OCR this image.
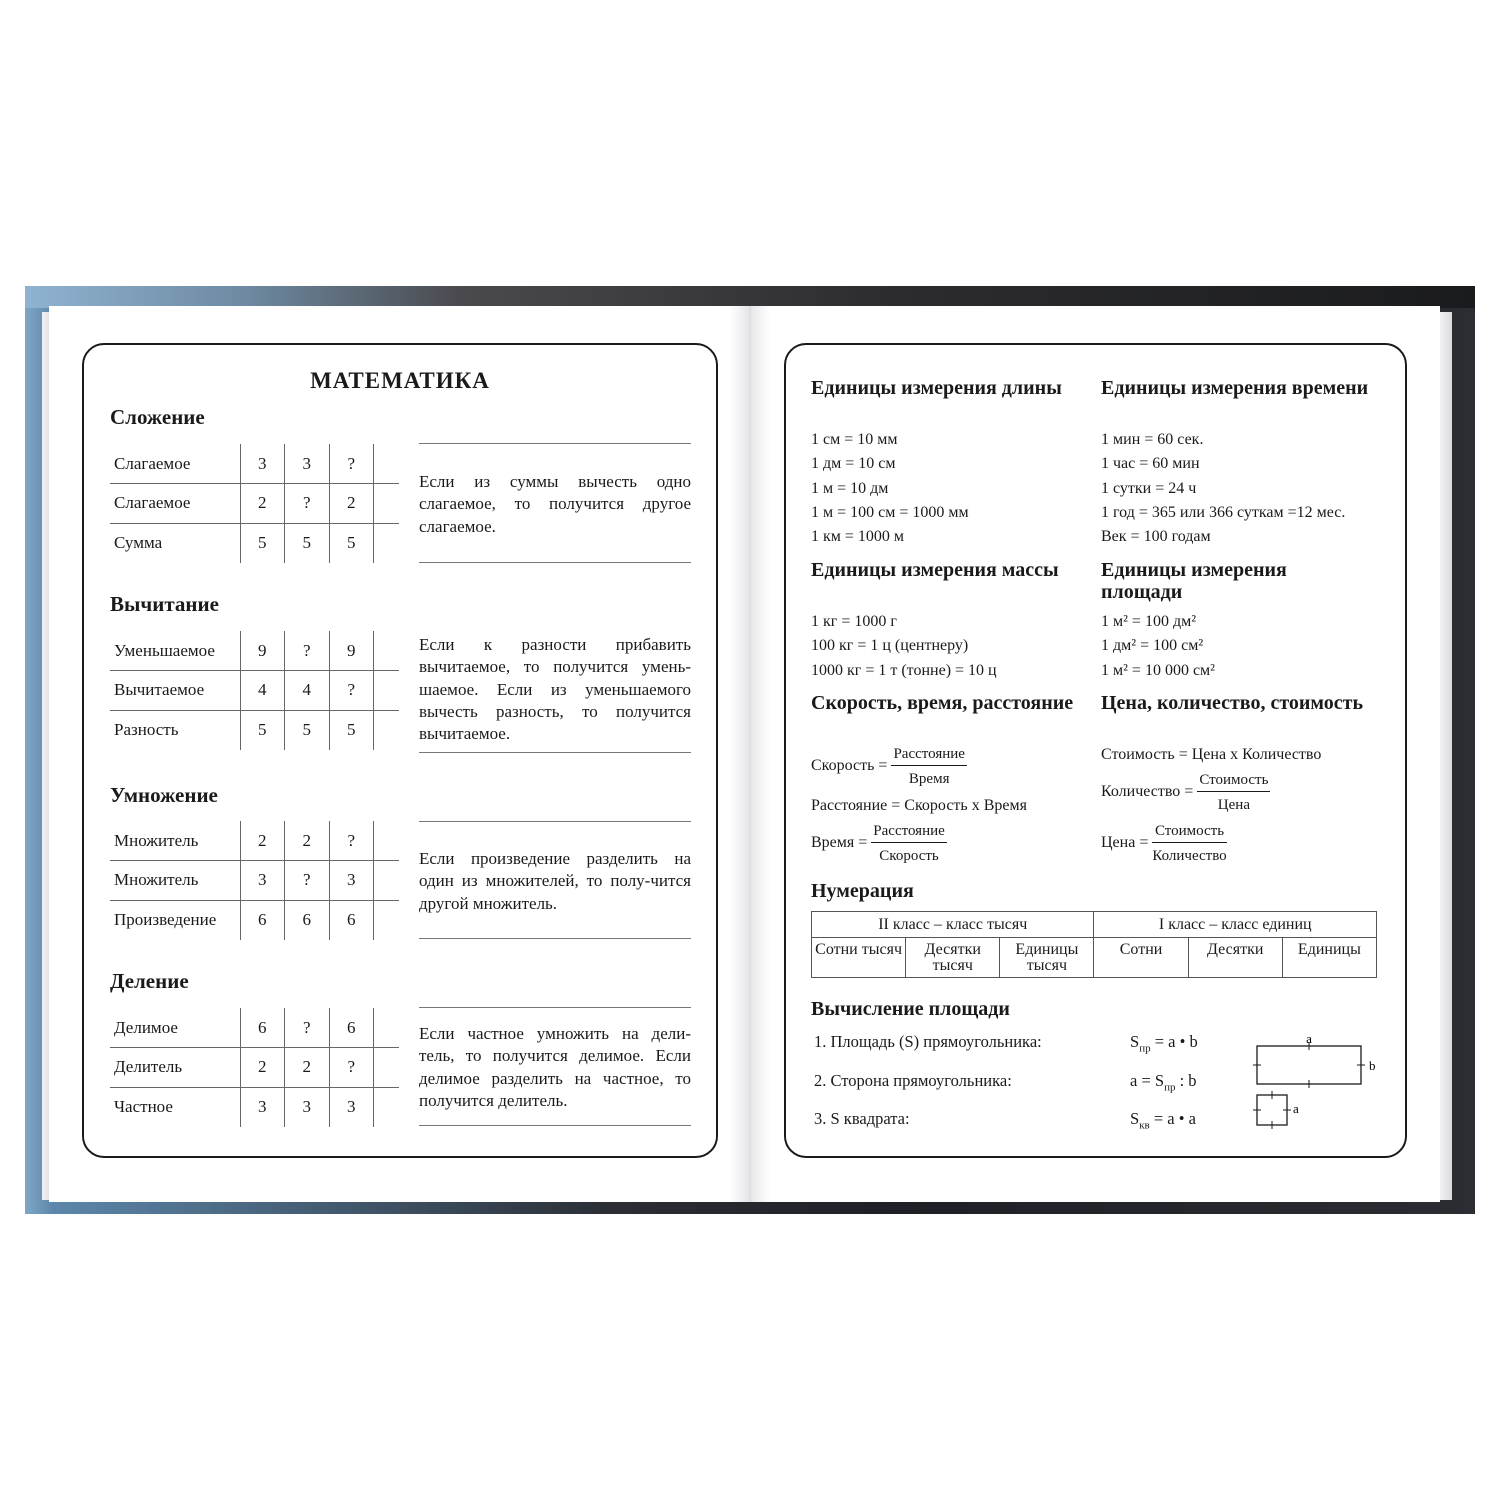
МАТЕМАТИКА
Сложение
Слагаемое	3	3	?	
Слагаемое	2	?	2	
Сумма	5	5	5	
Если из суммы вычесть одно слагаемое, то получится другое слагаемое.
Вычитание
Уменьшаемое	9	?	9	
Вычитаемое	4	4	?	
Разность	5	5	5	
Если к разности прибавить вычитаемое, то получится умень-шаемое. Если из уменьшаемого вычесть разность, то получится вычитаемое.
Умножение
Множитель	2	2	?	
Множитель	3	?	3	
Произведение	6	6	6	
Если произведение разделить на один из множителей, то полу-чится другой множитель.
Деление
Делимое	6	?	6	
Делитель	2	2	?	
Частное	3	3	3	
Если частное умножить на дели-тель, то получится делимое. Если делимое разделить на частное, то получится делитель.
Единицы измерения длины
1 см = 10 мм
1 дм = 10 см
1 м = 10 дм
1 м = 100 см = 1000 мм
1 км = 1000 м
Единицы измерения времени
1 мин = 60 сек.
1 час = 60 мин
1 сутки = 24 ч
1 год = 365 или 366 суткам =12 мес.
Век = 100 годам
Единицы измерения массы
1 кг = 1000 г
100 кг = 1 ц (центнеру)
1000 кг = 1 т (тонне) = 10 ц
Единицы измерения площади
1 м² = 100 дм²
1 дм² = 100 см²
1 м² = 10 000 см²
Скорость, время, расстояние
Скорость = $\frac{\text{Расстояние}}{\text{Время}}$
Расстояние = Скорость х Время
Время = $\frac{\text{Расстояние}}{\text{Скорость}}$
Цена, количество, стоимость
Стоимость = Цена х Количество
Количество = $\frac{\text{Стоимость}}{\text{Цена}}$
Цена = $\frac{\text{Стоимость}}{\text{Количество}}$
Нумерация
II класс – класс тысяч			I класс – класс единиц		
Сотни тысяч	Десятки тысяч	Единицы тысяч	Сотни	Десятки	Единицы
Вычисление площади
1. Площадь (S) прямоугольника:	$S_{пр} = a$ • b
2. Сторона прямоугольника:	$a = S_{пр}$ : b
3. S квадрата:	$S_{кв} = a$ • a
a
b
a
